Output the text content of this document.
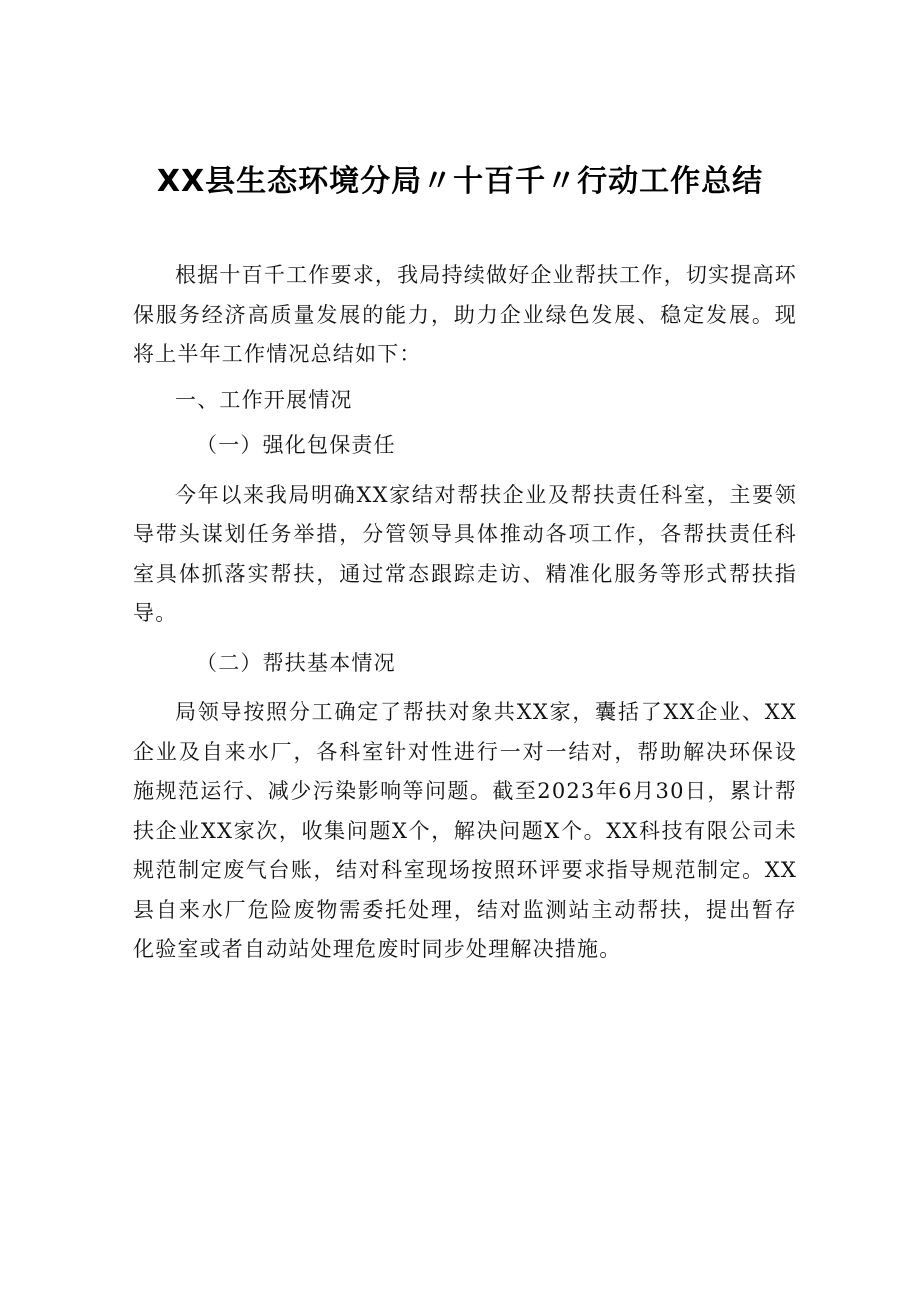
XX县生态环境分局〃十百千〃行动工作总结

根据十百千工作要求，我局持续做好企业帮扶工作，切实提高环保服务经济高质量发展的能力，助力企业绿色发展、稳定发展。现将上半年工作情况总结如下：

一、工作开展情况

（一）强化包保责任

今年以来我局明确XX家结对帮扶企业及帮扶责任科室，主要领导带头谋划任务举措，分管领导具体推动各项工作，各帮扶责任科室具体抓落实帮扶，通过常态跟踪走访、精准化服务等形式帮扶指导。

（二）帮扶基本情况

局领导按照分工确定了帮扶对象共XX家，囊括了XX企业、XX企业及自来水厂，各科室针对性进行一对一结对，帮助解决环保设施规范运行、减少污染影响等问题。截至2023年6月30日，累计帮扶企业XX家次，收集问题X个，解决问题X个。XX科技有限公司未规范制定废气台账，结对科室现场按照环评要求指导规范制定。XX县自来水厂危险废物需委托处理，结对监测站主动帮扶，提出暂存化验室或者自动站处理危废时同步处理解决措施。
